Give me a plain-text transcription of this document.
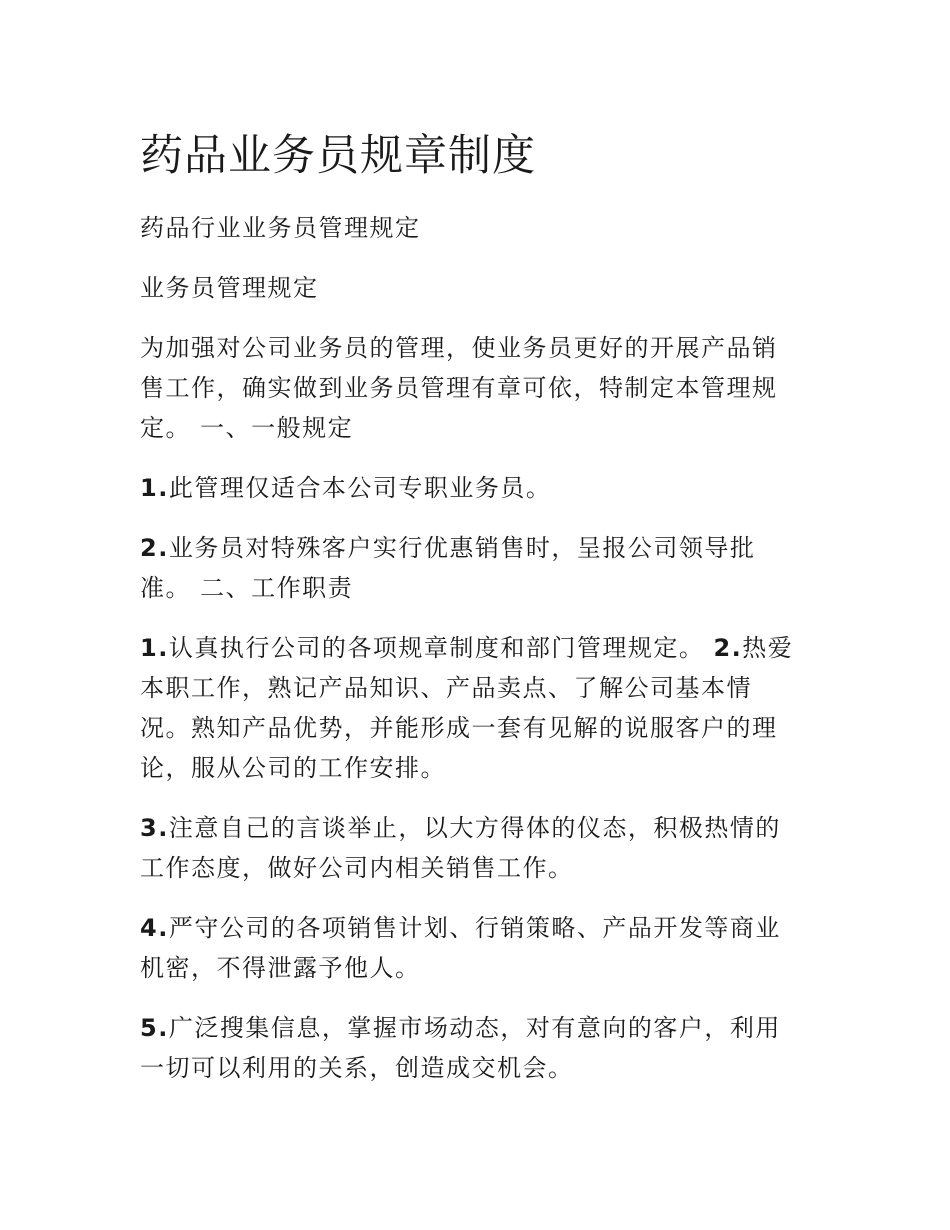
药品业务员规章制度

药品行业业务员管理规定

业务员管理规定

为加强对公司业务员的管理，使业务员更好的开展产品销售工作，确实做到业务员管理有章可依，特制定本管理规定。 一、一般规定

1.此管理仅适合本公司专职业务员。

2.业务员对特殊客户实行优惠销售时，呈报公司领导批准。 二、工作职责

1.认真执行公司的各项规章制度和部门管理规定。 2.热爱本职工作，熟记产品知识、产品卖点、了解公司基本情况。熟知产品优势，并能形成一套有见解的说服客户的理论，服从公司的工作安排。

3.注意自己的言谈举止，以大方得体的仪态，积极热情的工作态度，做好公司内相关销售工作。

4.严守公司的各项销售计划、行销策略、产品开发等商业机密，不得泄露予他人。

5.广泛搜集信息，掌握市场动态，对有意向的客户，利用一切可以利用的关系，创造成交机会。
